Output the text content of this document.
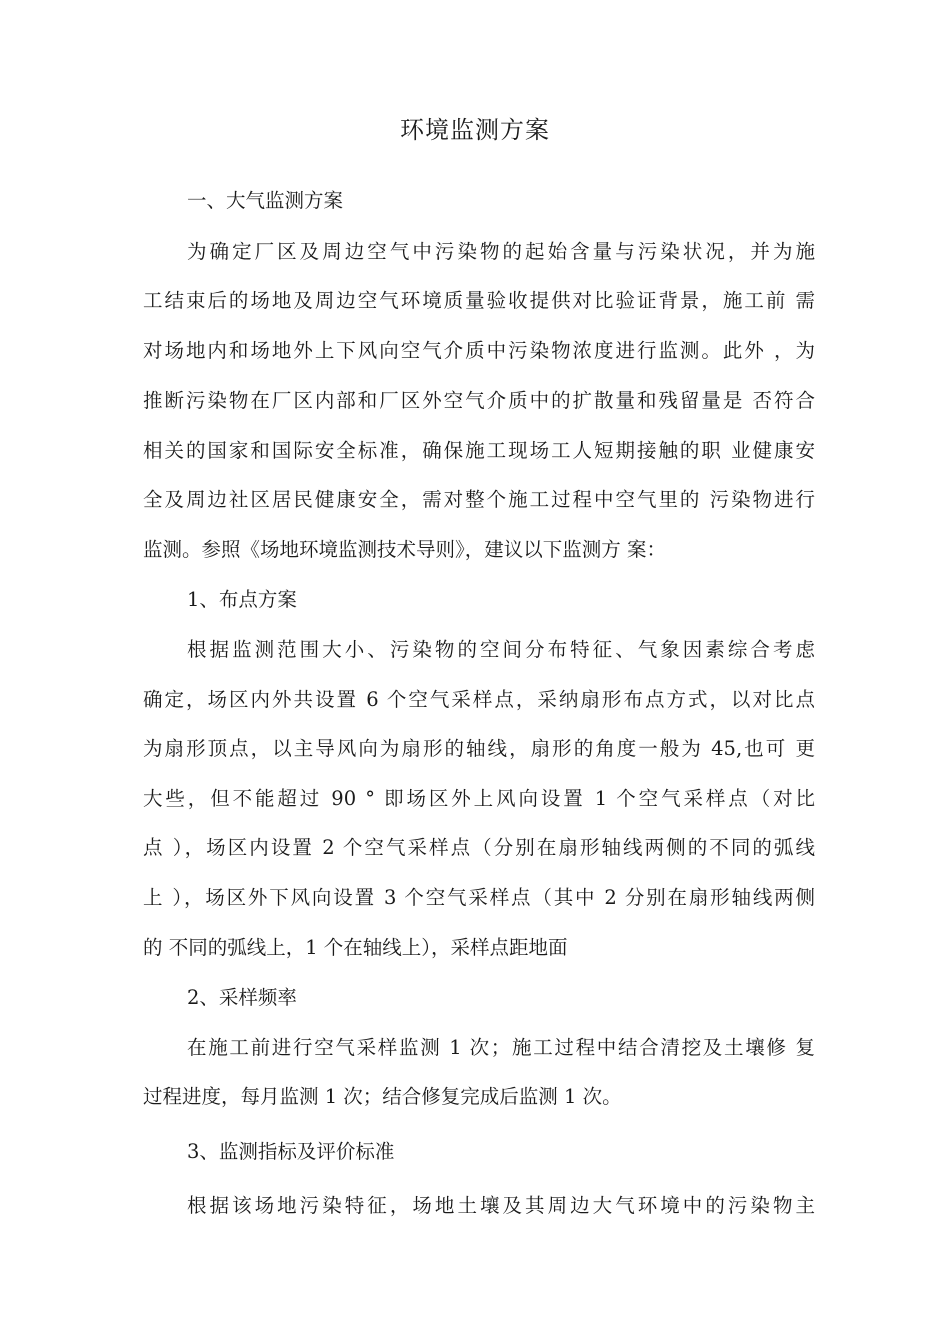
环境监测方案
一、大气监测方案
为确定厂区及周边空气中污染物的起始含量与污染状况，并为施
工结束后的场地及周边空气环境质量验收提供对比验证背景，施工前 需
对场地内和场地外上下风向空气介质中污染物浓度进行监测。此外 ，为
推断污染物在厂区内部和厂区外空气介质中的扩散量和残留量是 否符合
相关的国家和国际安全标准，确保施工现场工人短期接触的职 业健康安
全及周边社区居民健康安全，需对整个施工过程中空气里的 污染物进行
监测。参照《场地环境监测技术导则》，建议以下监测方 案：
1、布点方案
根据监测范围大小、污染物的空间分布特征、气象因素综合考虑
确定，场区内外共设置 6 个空气采样点，采纳扇形布点方式，以对比点
为扇形顶点，以主导风向为扇形的轴线，扇形的角度一般为 45,也可 更
大些，但不能超过 90 ° 即场区外上风向设置 1 个空气采样点（对比
点 ），场区内设置 2 个空气采样点（分别在扇形轴线两侧的不同的弧线
上 ），场区外下风向设置 3 个空气采样点（其中 2 分别在扇形轴线两侧
的 不同的弧线上，1 个在轴线上），采样点距地面
2、采样频率
在施工前进行空气采样监测 1 次；施工过程中结合清挖及土壤修 复
过程进度，每月监测 1 次；结合修复完成后监测 1 次。
3、监测指标及评价标准
根据该场地污染特征，场地土壤及其周边大气环境中的污染物主
